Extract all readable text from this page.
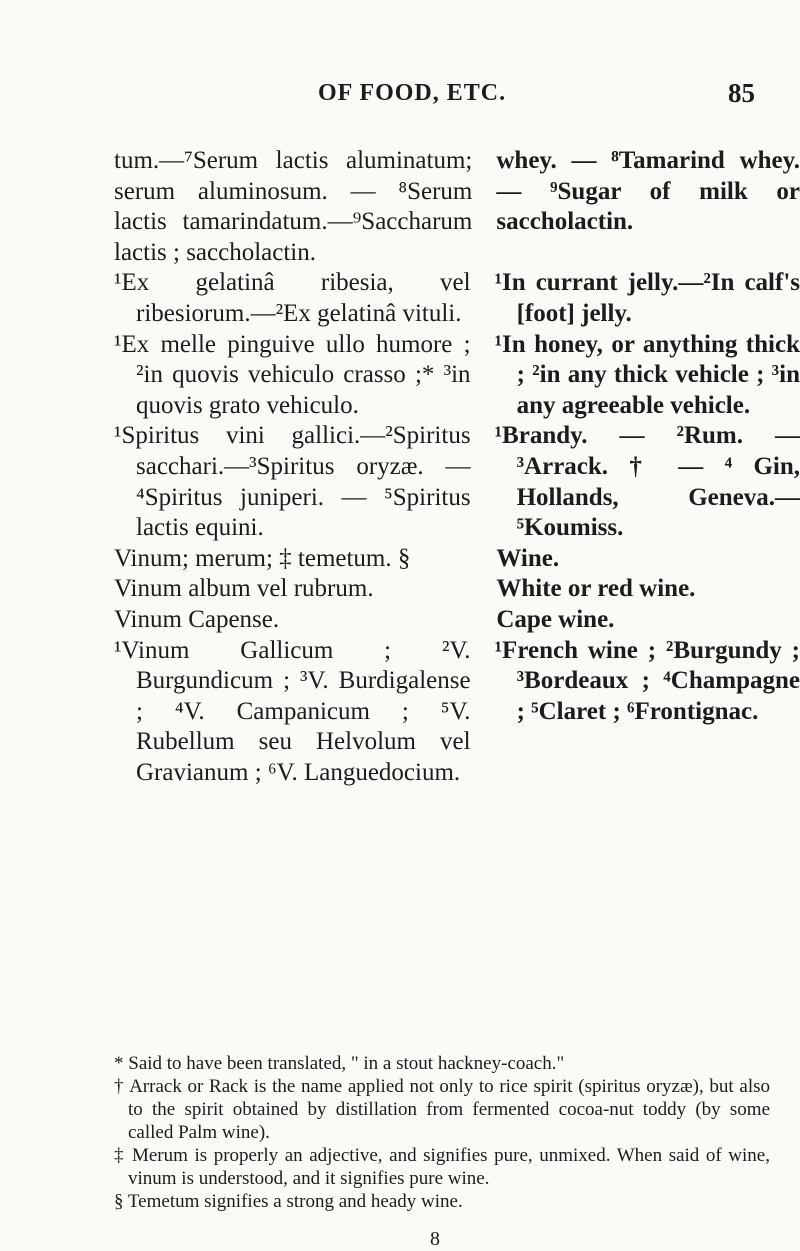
OF FOOD, ETC.	85
tum.—⁷Serum lactis aluminatum; serum aluminosum. — ⁸Serum lactis tamarindatum.—⁹Saccharum lactis ; saccholactin.
whey. — ⁸Tamarind whey. — ⁹Sugar of milk or saccholactin.
¹Ex gelatinâ ribesia, vel ribesiorum.—²Ex gelatinâ vituli.
¹In currant jelly.—²In calf's [foot] jelly.
¹Ex melle pinguive ullo humore ; ²in quovis vehiculo crasso ;* ³in quovis grato vehiculo.
¹In honey, or anything thick ; ²in any thick vehicle ; ³in any agreeable vehicle.
¹Spiritus vini gallici.—²Spiritus sacchari.—³Spiritus oryzæ. — ⁴Spiritus juniperi. — ⁵Spiritus lactis equini.
¹Brandy. — ²Rum. — ³Arrack. † — ⁴ Gin, Hollands, Geneva.— ⁵Koumiss.
Vinum; merum; ‡ temetum. §	Wine.
Vinum album vel rubrum.	White or red wine.
Vinum Capense.	Cape wine.
¹Vinum Gallicum ; ²V. Burgundicum ; ³V. Burdigalense ; ⁴V. Campanicum ; ⁵V. Rubellum seu Helvolum vel Gravianum ; ⁶V. Languedocium.
¹French wine ; ²Burgundy ; ³Bordeaux ; ⁴Champagne ; ⁵Claret ; ⁶Frontignac.

* Said to have been translated, " in a stout hackney-coach."

† Arrack or Rack is the name applied not only to rice spirit (spiritus oryzæ), but also to the spirit obtained by distillation from fermented cocoa-nut toddy (by some called Palm wine).

‡ Merum is properly an adjective, and signifies pure, unmixed. When said of wine, vinum is understood, and it signifies pure wine.

§ Temetum signifies a strong and heady wine.

8
